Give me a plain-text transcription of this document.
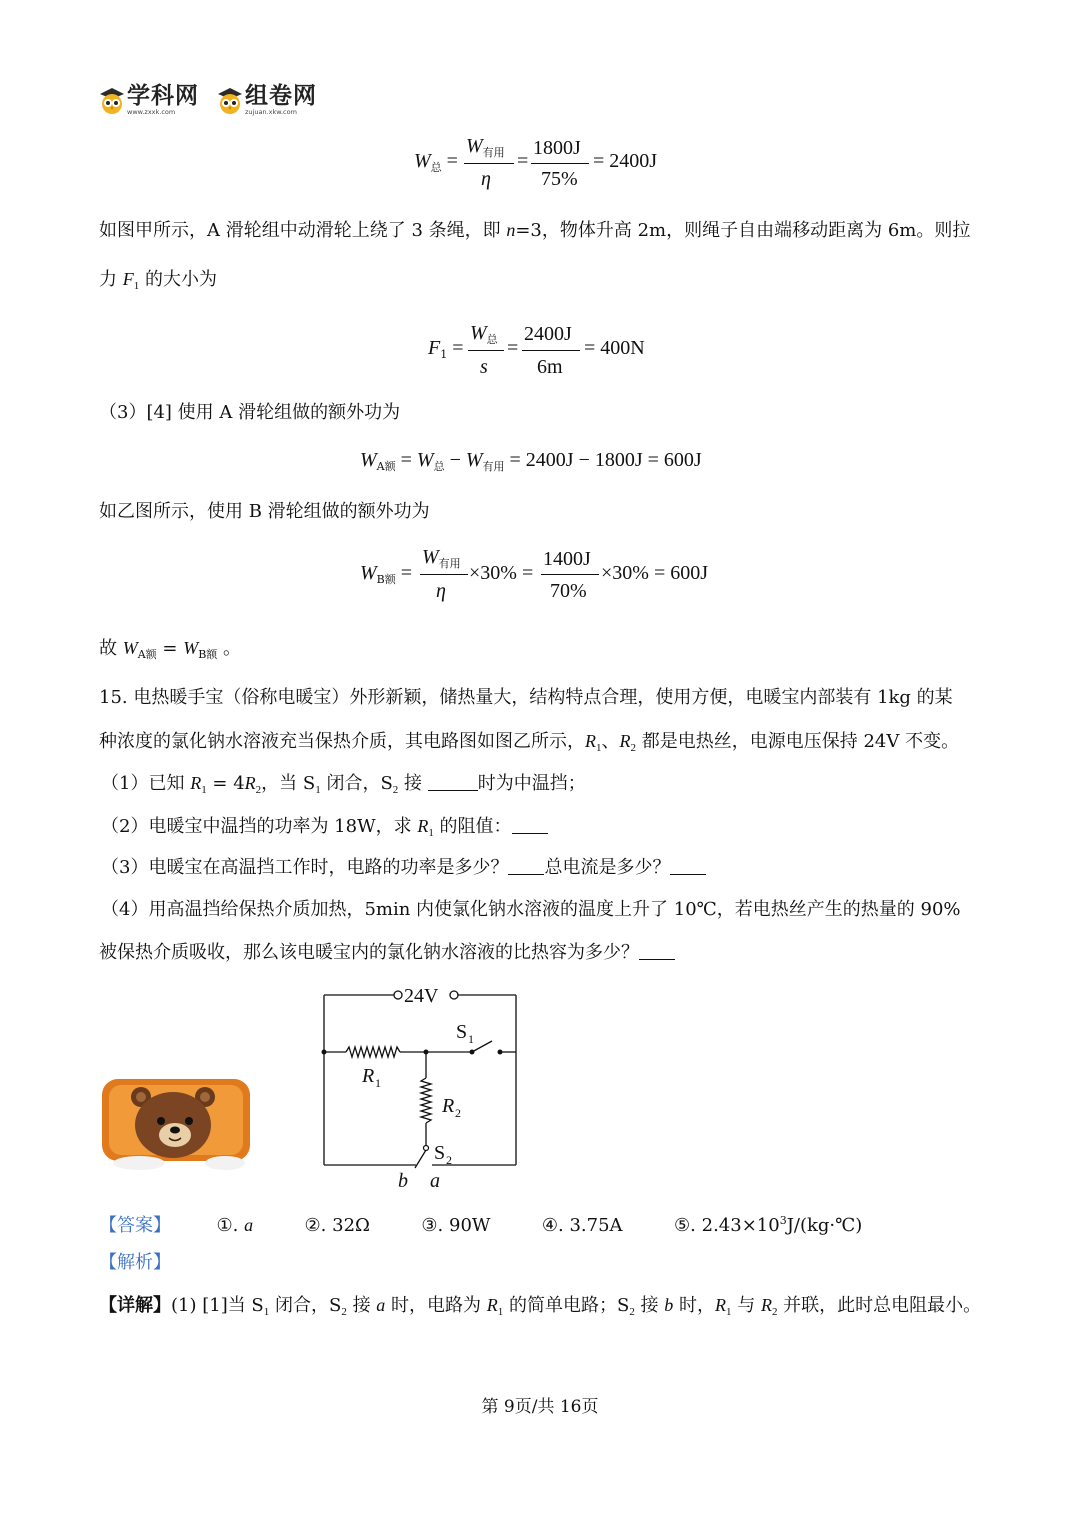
学科网
www.zxxk.com
组卷网
zujuan.xkw.com
$W_总$ =
$W_{有用}$
η
=
1800J
75%
= 2400J
如图甲所示，A 滑轮组中动滑轮上绕了 3 条绳，即 n=3，物体升高 2m，则绳子自由端移动距离为 6m。则拉
力 $F_1$ 的大小为
$F_1$ =
$W_总$
s
=
2400J
6m
= 400N
（3）[4] 使用 A 滑轮组做的额外功为
$W_{A额} = W_总 - W_{有用} = 2400J - 1800J = 600J$
如乙图所示，使用 B 滑轮组做的额外功为
$W_{B额}$ =
$W_{有用}$
η
×30% =
1400J
70%
×30% = 600J
故 $W_{A额} = W_{B额}$ 。
15. 电热暖手宝（俗称电暖宝）外形新颖，储热量大，结构特点合理，使用方便，电暖宝内部装有 1kg 的某
种浓度的氯化钠水溶液充当保热介质，其电路图如图乙所示，$R_1$、$R_2$ 都是电热丝，电源电压保持 24V 不变。
（1）已知 $R_1 = 4R_2$，当 $S_1$ 闭合，$S_2$ 接	时为中温挡；
（2）电暖宝中温挡的功率为 18W，求 $R_1$ 的阻值：
（3）电暖宝在高温挡工作时，电路的功率是多少？ 总电流是多少？
（4）用高温挡给保热介质加热，5min 内使氯化钠水溶液的温度上升了 10℃，若电热丝产生的热量的 90%
被保热介质吸收，那么该电暖宝内的氯化钠水溶液的比热容为多少？
24V
R 1
R 2
S 1
S 2
b a
【答案】	①. a	②. 32Ω	③. 90W	④. 3.75A	⑤. $2.43\times 10^3J/(kg\cdot℃)$
【解析】
【详解】(1) [1]当 $S_1$ 闭合，$S_2$ 接 a 时，电路为 $R_1$ 的简单电路；$S_2$ 接 b 时，$R_1$ 与 $R_2$ 并联，此时总电阻最小。
第 9页/共 16页
